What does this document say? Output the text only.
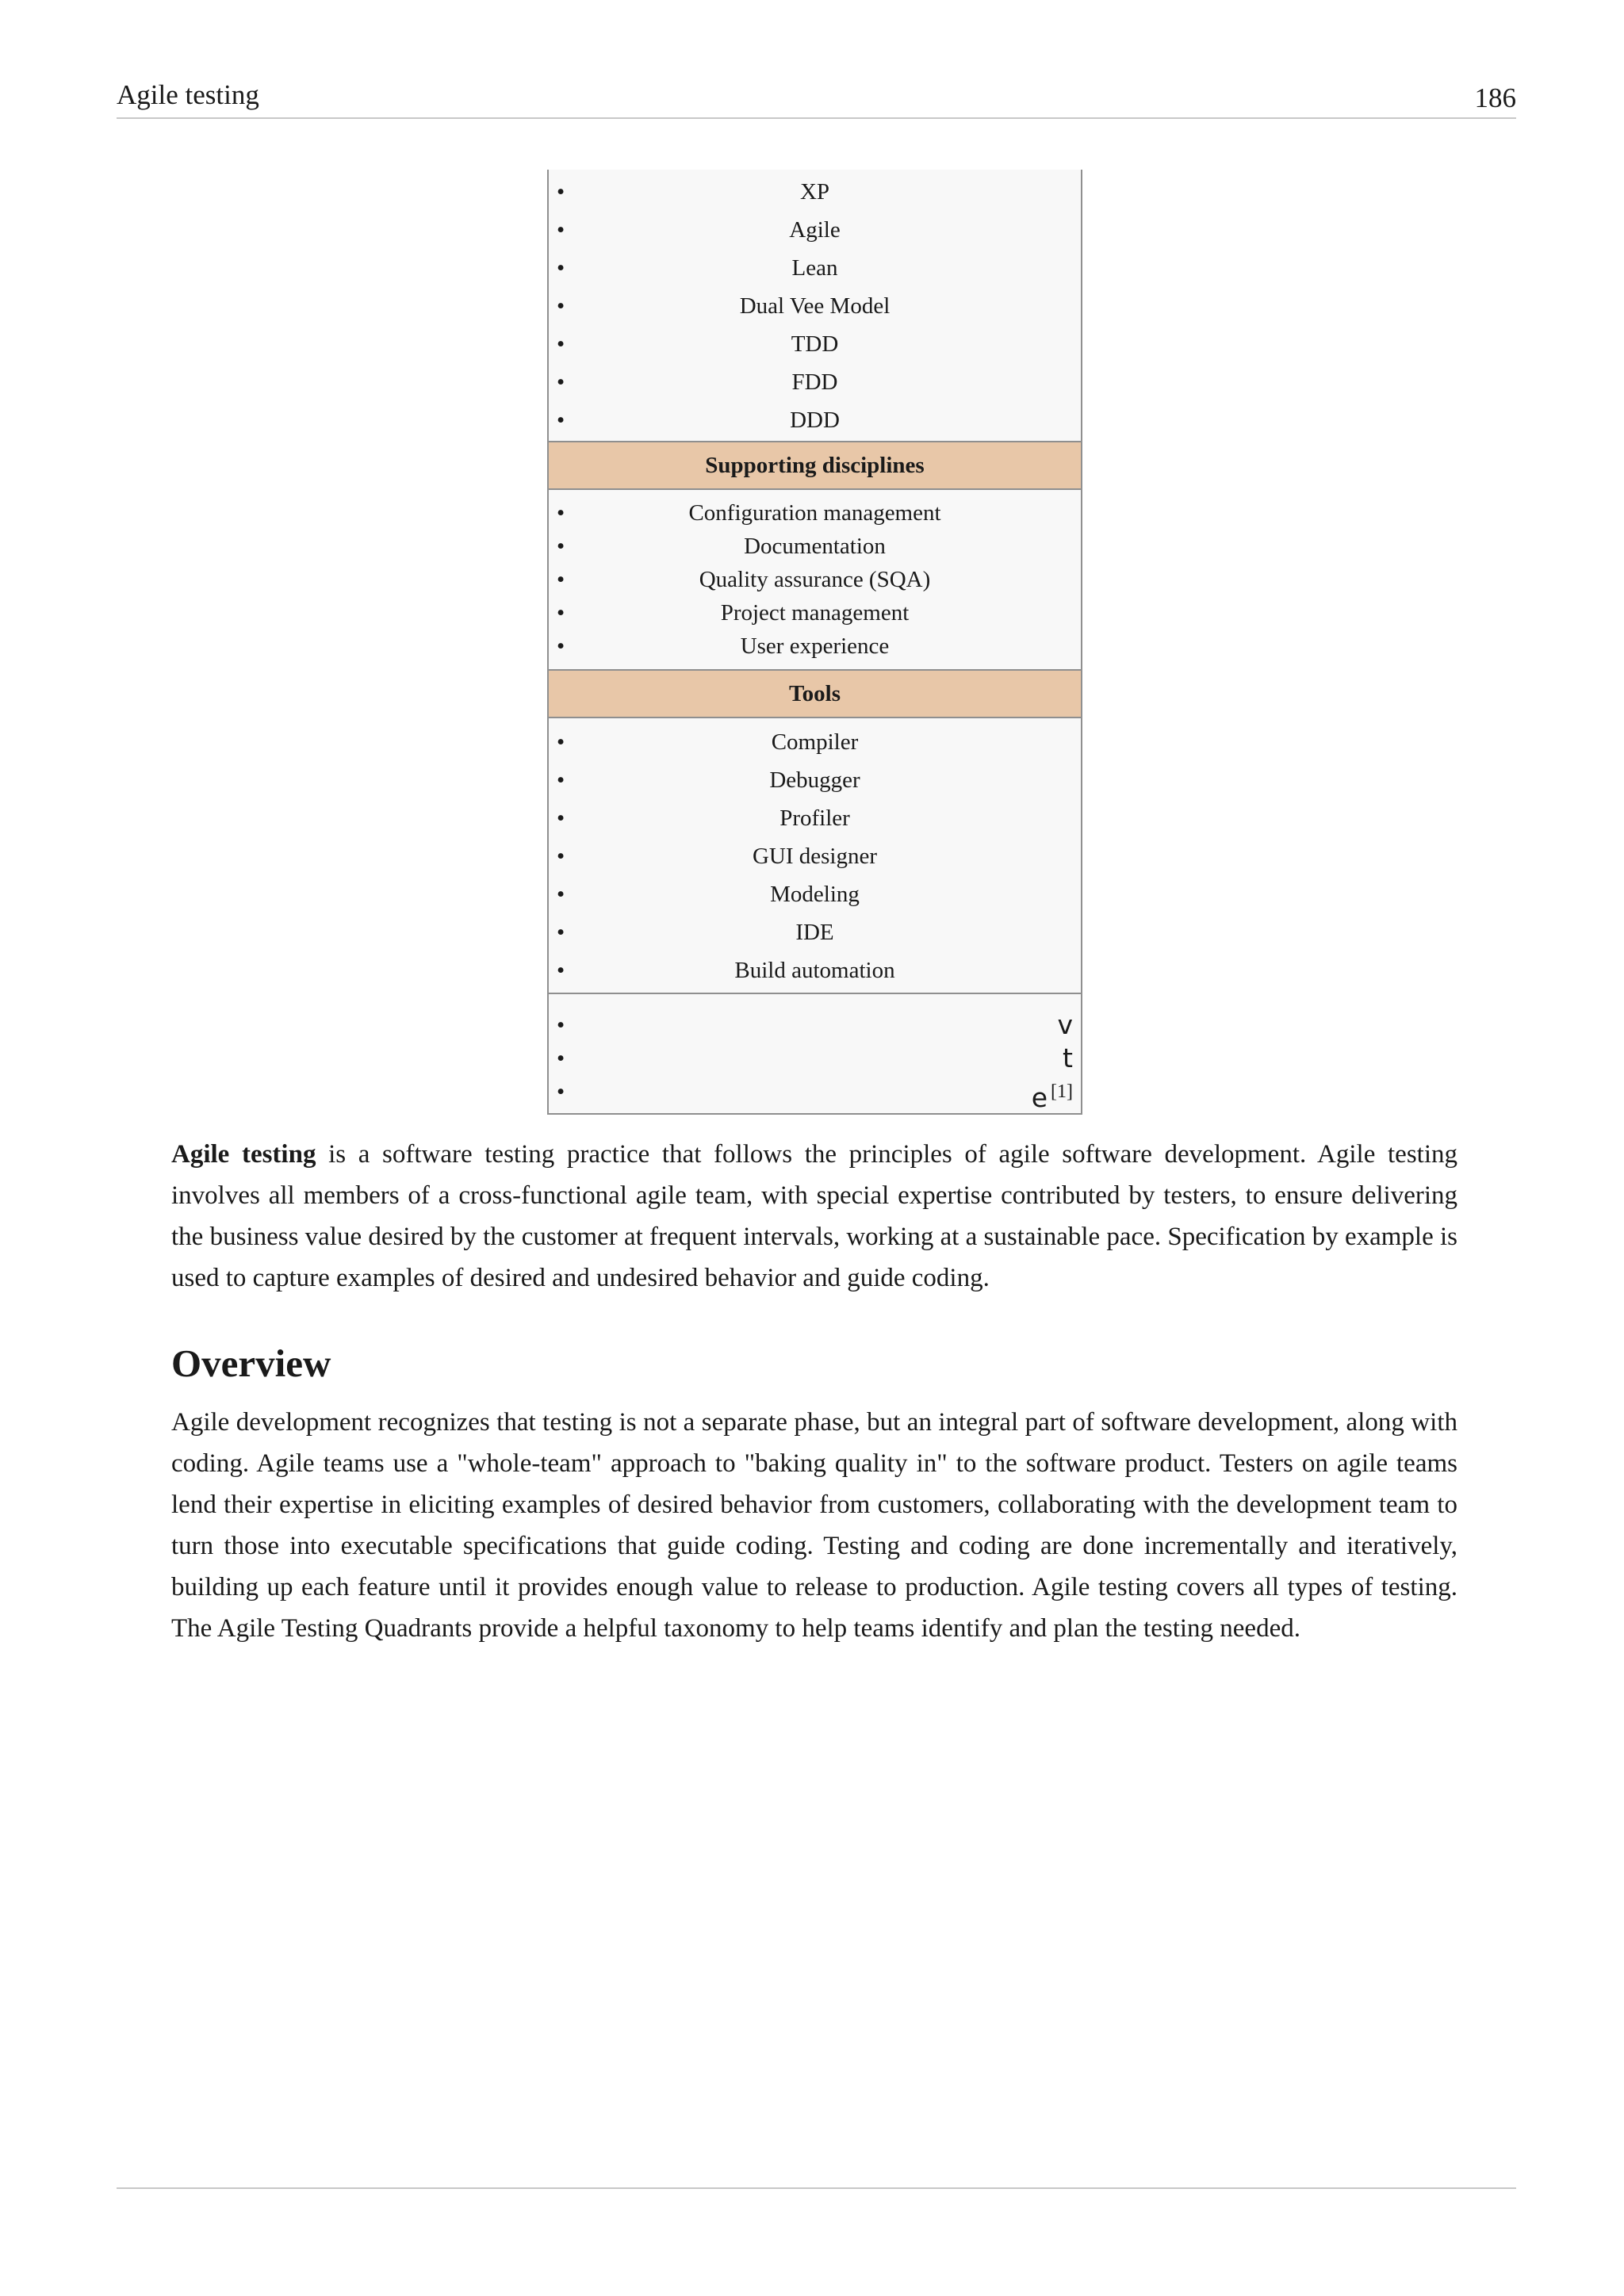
Agile testing	186
• XP
• Agile
• Lean
• Dual Vee Model
• TDD
• FDD
• DDD
Supporting disciplines
• Configuration management
• Documentation
• Quality assurance (SQA)
• Project management
• User experience
Tools
• Compiler
• Debugger
• Profiler
• GUI designer
• Modeling
• IDE
• Build automation
• v
• t
• e [1]

Agile testing is a software testing practice that follows the principles of agile software development. Agile testing involves all members of a cross-functional agile team, with special expertise contributed by testers, to ensure delivering the business value desired by the customer at frequent intervals, working at a sustainable pace. Specification by example is used to capture examples of desired and undesired behavior and guide coding.

Overview

Agile development recognizes that testing is not a separate phase, but an integral part of software development, along with coding. Agile teams use a "whole-team" approach to "baking quality in" to the software product. Testers on agile teams lend their expertise in eliciting examples of desired behavior from customers, collaborating with the development team to turn those into executable specifications that guide coding. Testing and coding are done incrementally and iteratively, building up each feature until it provides enough value to release to production. Agile testing covers all types of testing. The Agile Testing Quadrants provide a helpful taxonomy to help teams identify and plan the testing needed.
